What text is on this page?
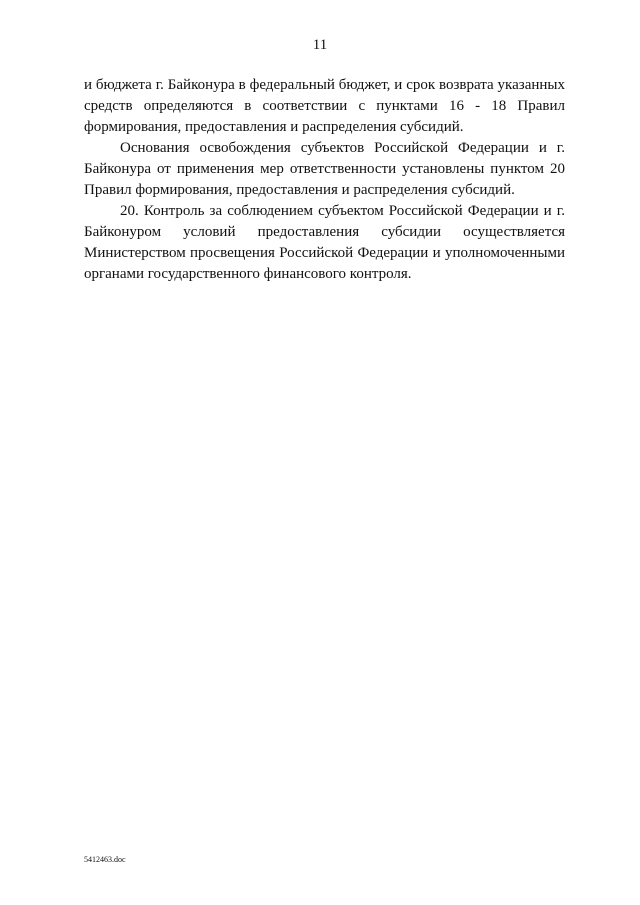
11

и бюджета г. Байконура в федеральный бюджет, и срок возврата указанных средств определяются в соответствии с пунктами 16 - 18 Правил формирования, предоставления и распределения субсидий.

Основания освобождения субъектов Российской Федерации и г. Байконура от применения мер ответственности установлены пунктом 20 Правил формирования, предоставления и распределения субсидий.

20. Контроль за соблюдением субъектом Российской Федерации и г. Байконуром условий предоставления субсидии осуществляется Министерством просвещения Российской Федерации и уполномоченными органами государственного финансового контроля.

5412463.doc
